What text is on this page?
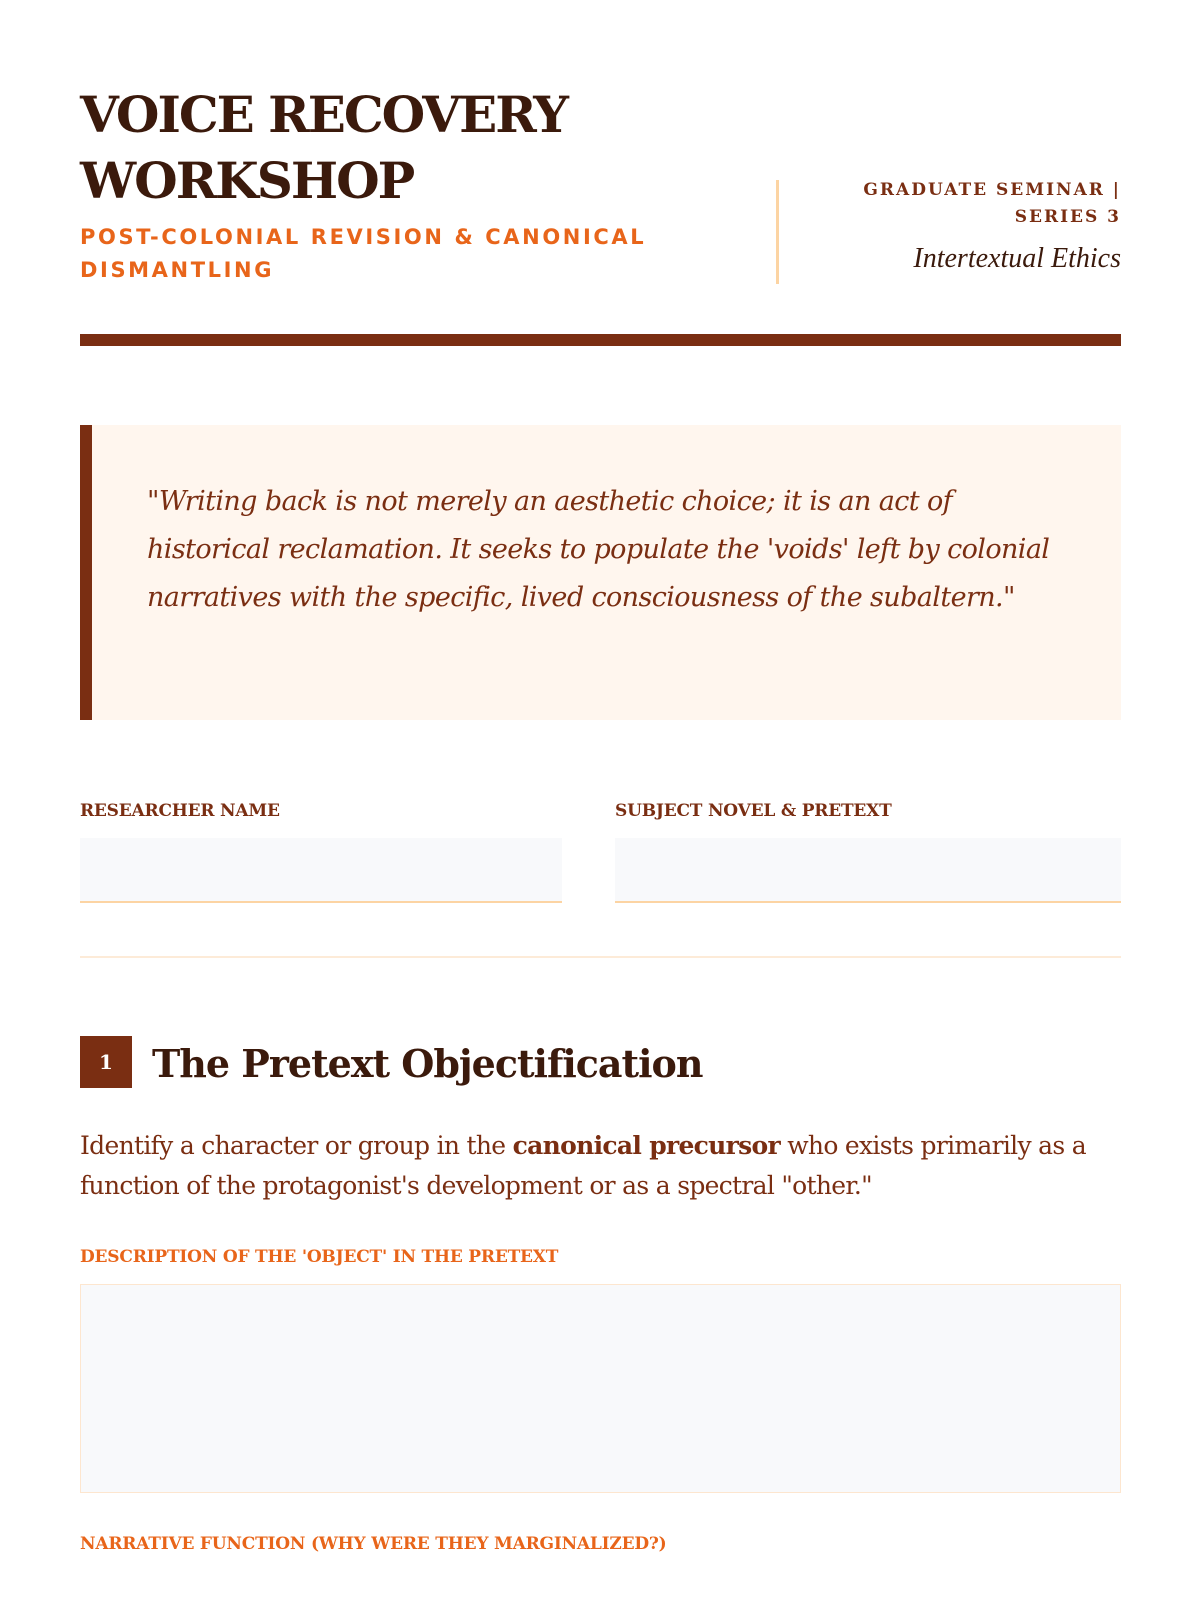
VOICE RECOVERY WORKSHOP
POST-COLONIAL REVISION & CANONICAL DISMANTLING
GRADUATE SEMINAR | SERIES 3
Intertextual Ethics
"Writing back is not merely an aesthetic choice; it is an act of historical reclamation. It seeks to populate the 'voids' left by colonial narratives with the specific, lived consciousness of the subaltern."
RESEARCHER NAME	SUBJECT NOVEL & PRETEXT
1	The Pretext Objectification

Identify a character or group in the canonical precursor who exists primarily as a function of the protagonist's development or as a spectral "other."

DESCRIPTION OF THE 'OBJECT' IN THE PRETEXT
NARRATIVE FUNCTION (WHY WERE THEY MARGINALIZED?)
